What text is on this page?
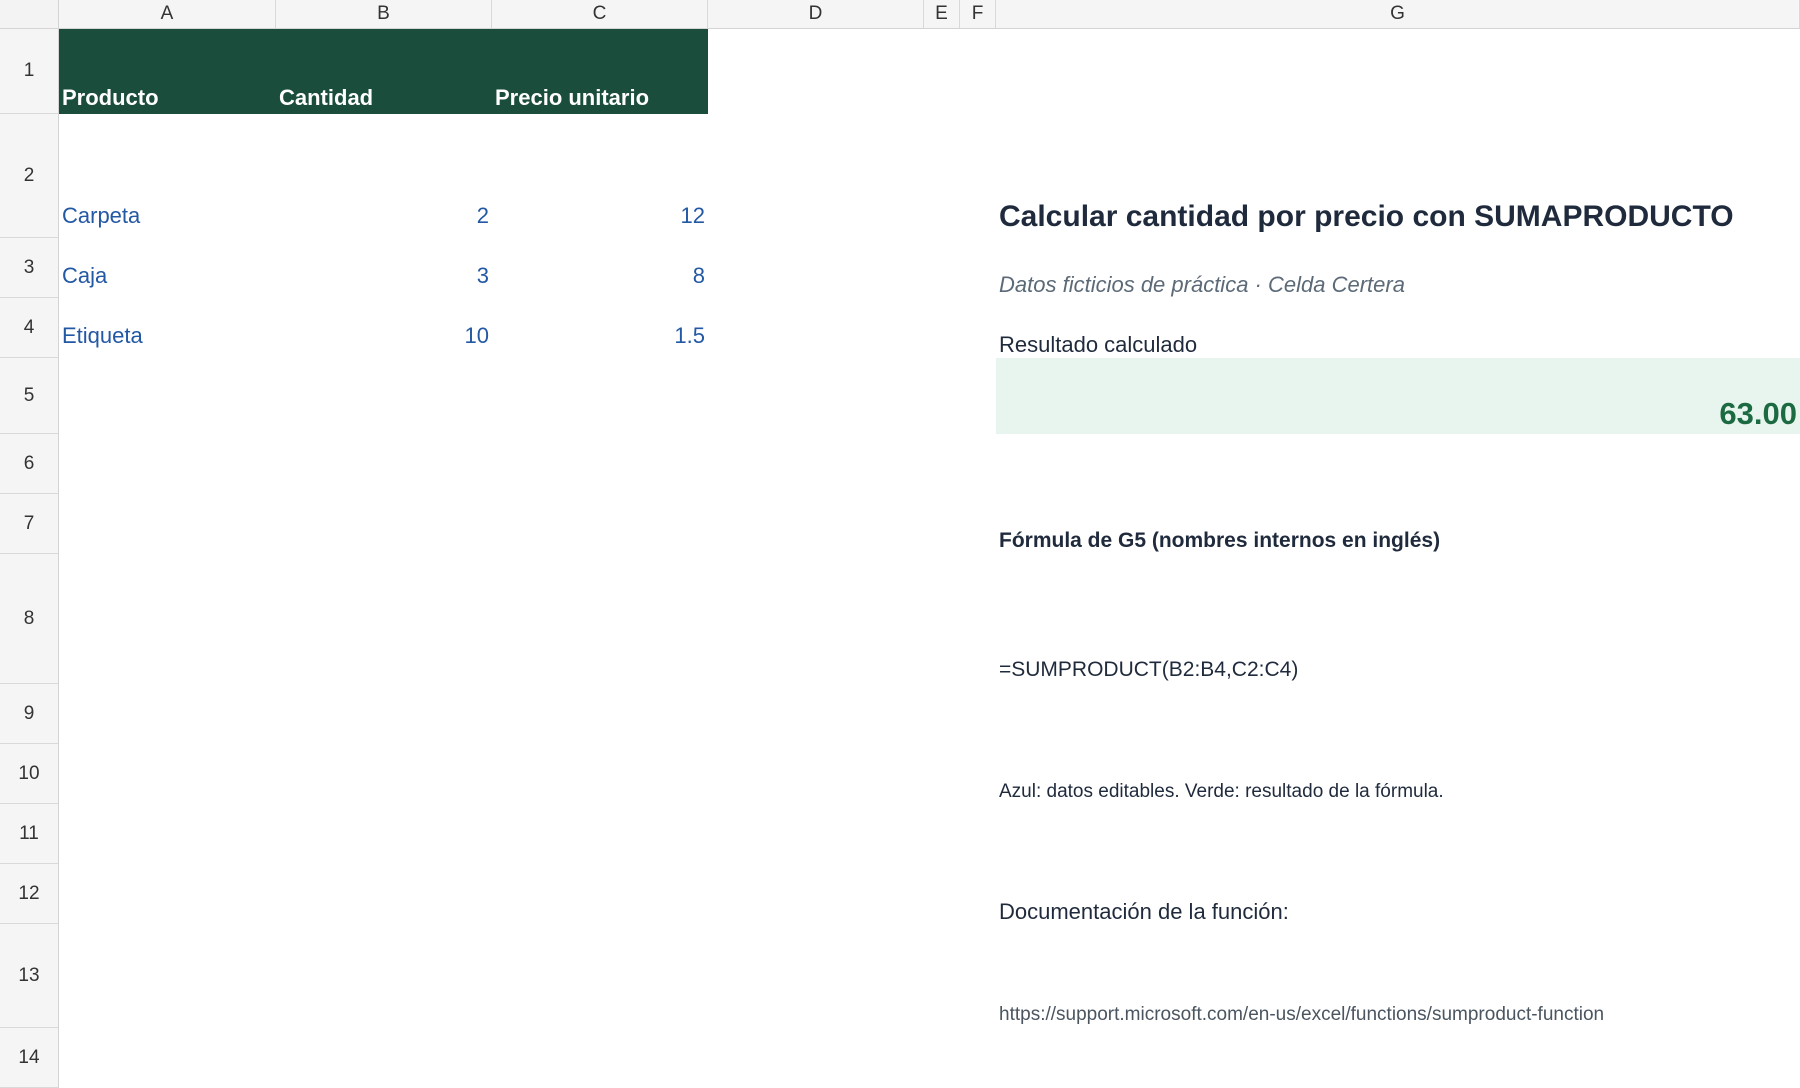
A	B	C	D	E	F	G
1
2
3
4
5
6
7
8
9
10
11
12
13
14
Producto	Cantidad	Precio unitario
Carpeta	2	12
Caja	3	8
Etiqueta	10	1.5
Calcular cantidad por precio con SUMAPRODUCTO
Datos ficticios de práctica · Celda Certera
Resultado calculado
63.00
Fórmula de G5 (nombres internos en inglés)
=SUMPRODUCT(B2:B4,C2:C4)
Azul: datos editables. Verde: resultado de la fórmula.
Documentación de la función:
https://support.microsoft.com/en-us/excel/functions/sumproduct-function
